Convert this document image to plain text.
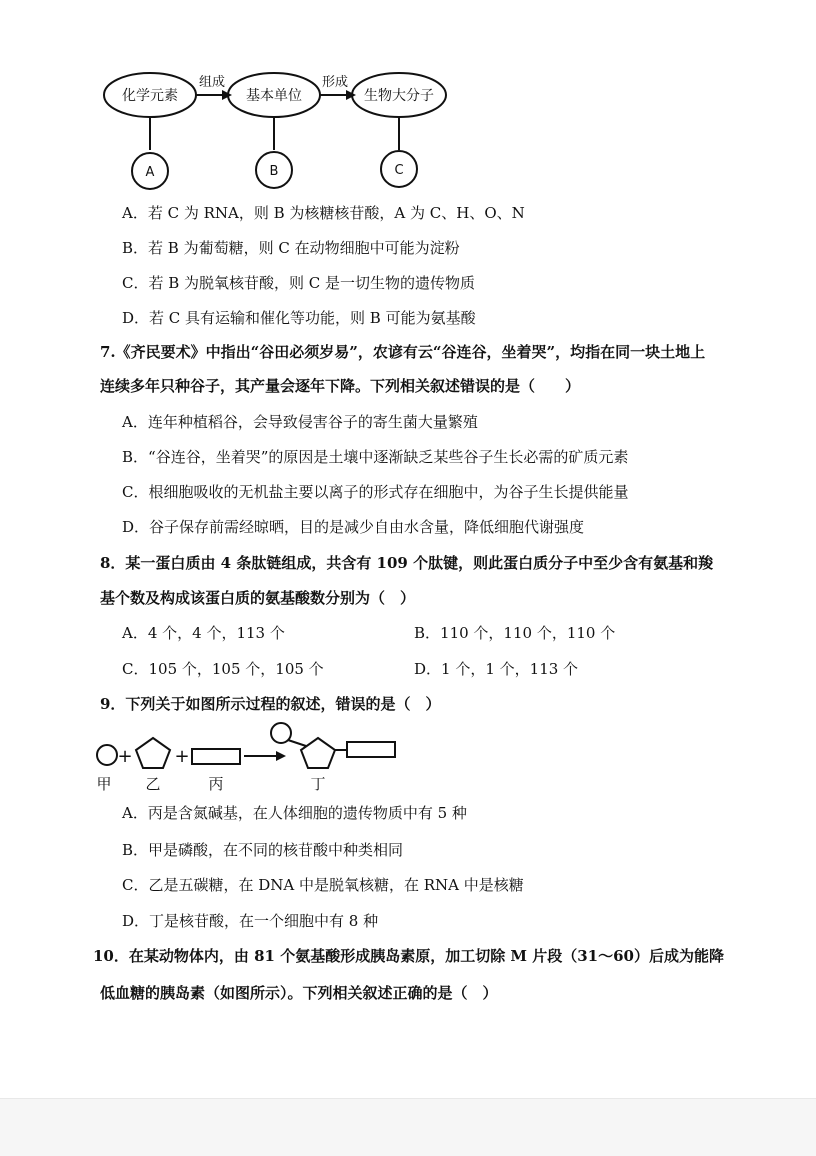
化学元素	基本单位	生物大分子
组成	形成
A	B	C
A．若 C 为 RNA，则 B 为核糖核苷酸，A 为 C、H、O、N
B．若 B 为葡萄糖，则 C 在动物细胞中可能为淀粉
C．若 B 为脱氧核苷酸，则 C 是一切生物的遗传物质
D．若 C 具有运输和催化等功能，则 B 可能为氨基酸
7.《齐民要术》中指出“谷田必须岁易”，农谚有云“谷连谷，坐着哭”，均指在同一块土地上
连续多年只种谷子，其产量会逐年下降。下列相关叙述错误的是（　　）
A．连年种植稻谷，会导致侵害谷子的寄生菌大量繁殖
B．“谷连谷，坐着哭”的原因是土壤中逐渐缺乏某些谷子生长必需的矿质元素
C．根细胞吸收的无机盐主要以离子的形式存在细胞中，为谷子生长提供能量
D．谷子保存前需经晾晒，目的是减少自由水含量，降低细胞代谢强度
8．某一蛋白质由 4 条肽链组成，共含有 109 个肽键，则此蛋白质分子中至少含有氨基和羧
基个数及构成该蛋白质的氨基酸数分别为（　）
A．4 个，4 个，113 个	B．110 个，110 个，110 个
C．105 个，105 个，105 个	D．1 个，1 个，113 个
9．下列关于如图所示过程的叙述，错误的是（　）
+ +
甲 乙	丙	丁
A．丙是含氮碱基，在人体细胞的遗传物质中有 5 种
B．甲是磷酸，在不同的核苷酸中种类相同
C．乙是五碳糖，在 DNA 中是脱氧核糖，在 RNA 中是核糖
D．丁是核苷酸，在一个细胞中有 8 种
10．在某动物体内，由 81 个氨基酸形成胰岛素原，加工切除 M 片段（31～60）后成为能降
低血糖的胰岛素（如图所示）。下列相关叙述正确的是（　）
